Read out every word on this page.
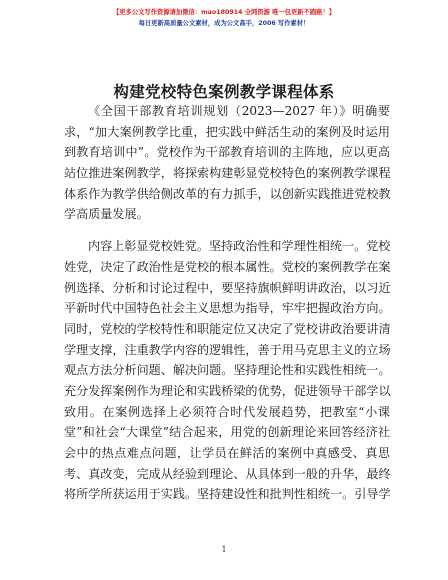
【更多公文写作资源请加微信：mao180914 全网资源 唯一包更新不跑路！】
每日更新高质量公文素材，成为公文高手，2006 写作素材！
构建党校特色案例教学课程体系
《全国干部教育培训规划（2023—2027 年）》明确要
求，“加大案例教学比重，把实践中鲜活生动的案例及时运用
到教育培训中”。党校作为干部教育培训的主阵地，应以更高
站位推进案例教学，将探索构建彰显党校特色的案例教学课程
体系作为教学供给侧改革的有力抓手，以创新实践推进党校教
学高质量发展。
内容上彰显党校姓党。坚持政治性和学理性相统一。党校
姓党，决定了政治性是党校的根本属性。党校的案例教学在案
例选择、分析和讨论过程中，要坚持旗帜鲜明讲政治，以习近
平新时代中国特色社会主义思想为指导，牢牢把握政治方向。
同时，党校的学校特性和职能定位又决定了党校讲政治要讲清
学理支撑，注重教学内容的逻辑性，善于用马克思主义的立场
观点方法分析问题、解决问题。坚持理论性和实践性相统一。
充分发挥案例作为理论和实践桥梁的优势，促进领导干部学以
致用。在案例选择上必须符合时代发展趋势，把教室“小课
堂”和社会“大课堂”结合起来，用党的创新理论来回答经济社
会中的热点难点问题，让学员在鲜活的案例中真感受、真思
考、真改变，完成从经验到理论、从具体到一般的升华，最终
将所学所获运用于实践。坚持建设性和批判性相统一。引导学
1
